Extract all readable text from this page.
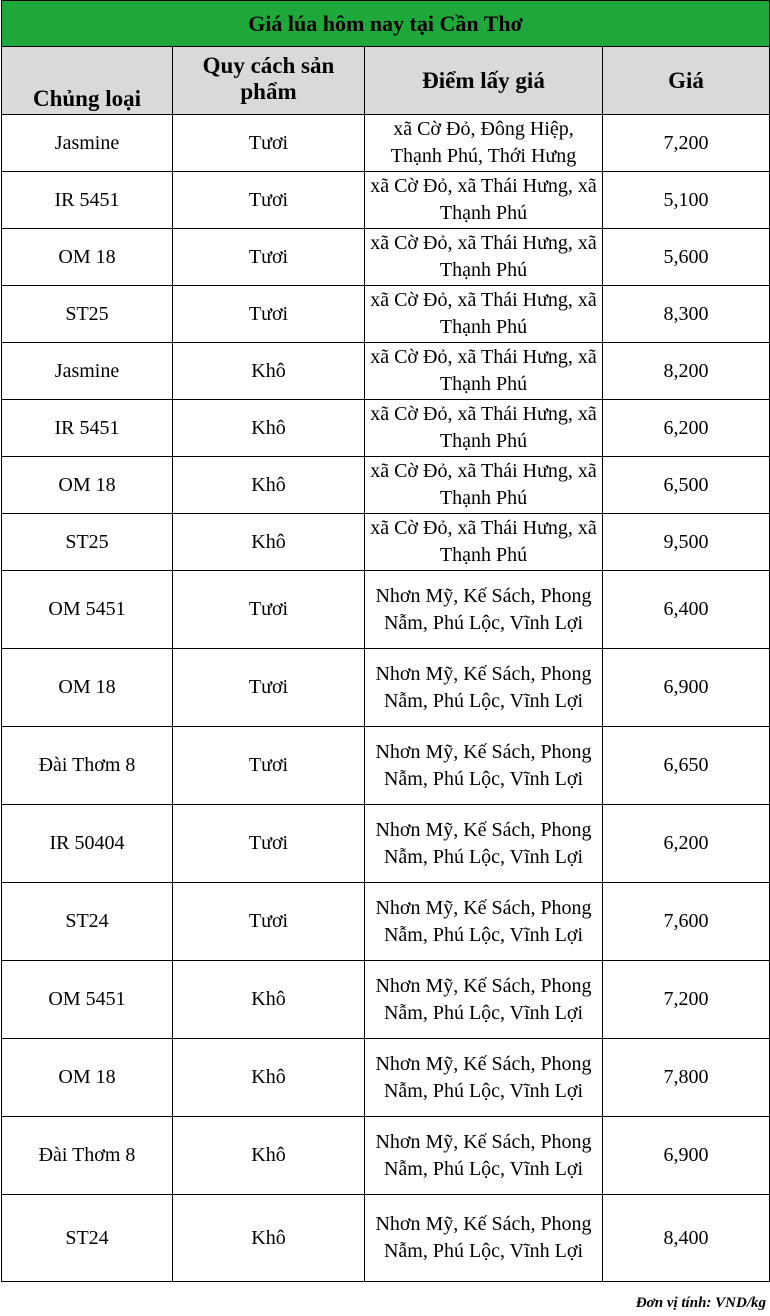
Giá lúa hôm nay tại Cần Thơ			
Chủng loại	Quy cách sản phẩm	Điểm lấy giá	Giá
Jasmine	Tươi	xã Cờ Đỏ, Đông Hiệp, Thạnh Phú, Thới Hưng	7,200
IR 5451	Tươi	xã Cờ Đỏ, xã Thái Hưng, xã Thạnh Phú	5,100
OM 18	Tươi	xã Cờ Đỏ, xã Thái Hưng, xã Thạnh Phú	5,600
ST25	Tươi	xã Cờ Đỏ, xã Thái Hưng, xã Thạnh Phú	8,300
Jasmine	Khô	xã Cờ Đỏ, xã Thái Hưng, xã Thạnh Phú	8,200
IR 5451	Khô	xã Cờ Đỏ, xã Thái Hưng, xã Thạnh Phú	6,200
OM 18	Khô	xã Cờ Đỏ, xã Thái Hưng, xã Thạnh Phú	6,500
ST25	Khô	xã Cờ Đỏ, xã Thái Hưng, xã Thạnh Phú	9,500
OM 5451	Tươi	Nhơn Mỹ, Kế Sách, Phong Nẫm, Phú Lộc, Vĩnh Lợi	6,400
OM 18	Tươi	Nhơn Mỹ, Kế Sách, Phong Nẫm, Phú Lộc, Vĩnh Lợi	6,900
Đài Thơm 8	Tươi	Nhơn Mỹ, Kế Sách, Phong Nẫm, Phú Lộc, Vĩnh Lợi	6,650
IR 50404	Tươi	Nhơn Mỹ, Kế Sách, Phong Nẫm, Phú Lộc, Vĩnh Lợi	6,200
ST24	Tươi	Nhơn Mỹ, Kế Sách, Phong Nẫm, Phú Lộc, Vĩnh Lợi	7,600
OM 5451	Khô	Nhơn Mỹ, Kế Sách, Phong Nẫm, Phú Lộc, Vĩnh Lợi	7,200
OM 18	Khô	Nhơn Mỹ, Kế Sách, Phong Nẫm, Phú Lộc, Vĩnh Lợi	7,800
Đài Thơm 8	Khô	Nhơn Mỹ, Kế Sách, Phong Nẫm, Phú Lộc, Vĩnh Lợi	6,900
ST24	Khô	Nhơn Mỹ, Kế Sách, Phong Nẫm, Phú Lộc, Vĩnh Lợi	8,400
Đơn vị tính: VND/kg
